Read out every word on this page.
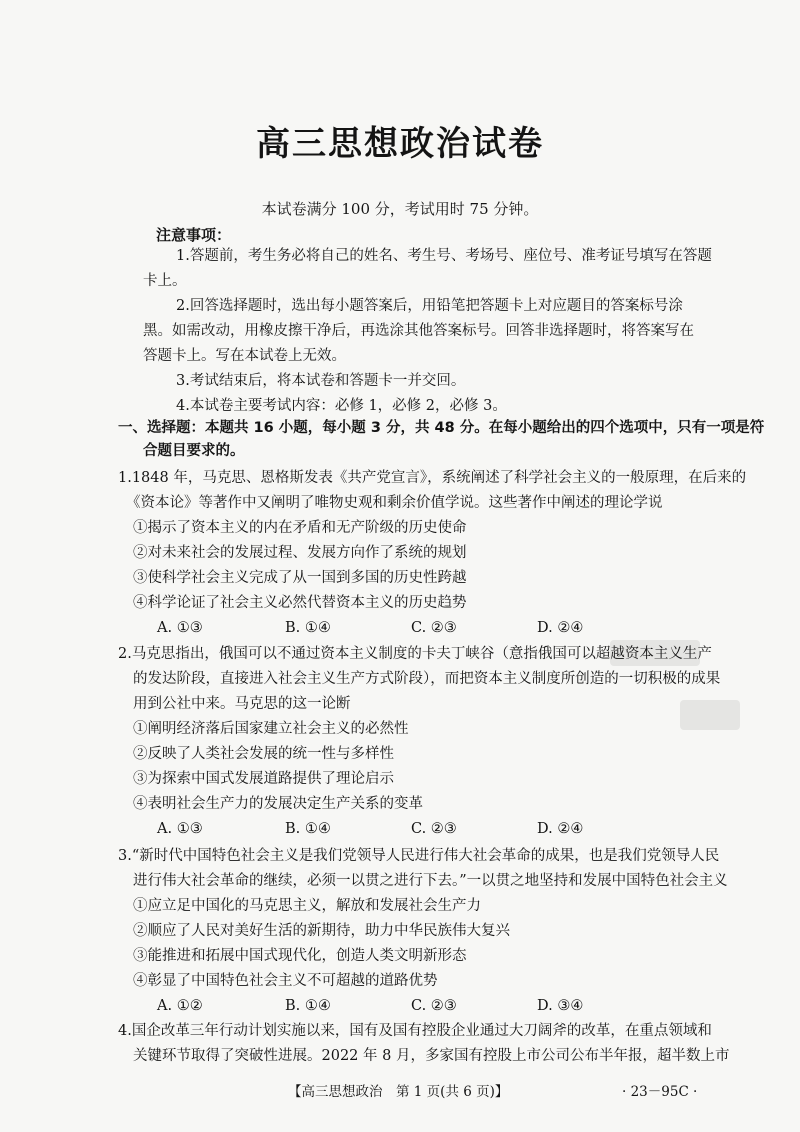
高三思想政治试卷
本试卷满分 100 分，考试用时 75 分钟。
注意事项：
1.答题前，考生务必将自己的姓名、考生号、考场号、座位号、准考证号填写在答题
卡上。
2.回答选择题时，选出每小题答案后，用铅笔把答题卡上对应题目的答案标号涂
黑。如需改动，用橡皮擦干净后，再选涂其他答案标号。回答非选择题时，将答案写在
答题卡上。写在本试卷上无效。
3.考试结束后，将本试卷和答题卡一并交回。
4.本试卷主要考试内容：必修 1，必修 2，必修 3。
一、选择题：本题共 16 小题，每小题 3 分，共 48 分。在每小题给出的四个选项中，只有一项是符
合题目要求的。
1.1848 年，马克思、恩格斯发表《共产党宣言》，系统阐述了科学社会主义的一般原理，在后来的
《资本论》等著作中又阐明了唯物史观和剩余价值学说。这些著作中阐述的理论学说
①揭示了资本主义的内在矛盾和无产阶级的历史使命
②对未来社会的发展过程、发展方向作了系统的规划
③使科学社会主义完成了从一国到多国的历史性跨越
④科学论证了社会主义必然代替资本主义的历史趋势
A. ①③	B. ①④	C. ②③	D. ②④
2.马克思指出，俄国可以不通过资本主义制度的卡夫丁峡谷（意指俄国可以超越资本主义生产
的发达阶段，直接进入社会主义生产方式阶段），而把资本主义制度所创造的一切积极的成果
用到公社中来。马克思的这一论断
①阐明经济落后国家建立社会主义的必然性
②反映了人类社会发展的统一性与多样性
③为探索中国式发展道路提供了理论启示
④表明社会生产力的发展决定生产关系的变革
A. ①③	B. ①④	C. ②③	D. ②④
3.“新时代中国特色社会主义是我们党领导人民进行伟大社会革命的成果，也是我们党领导人民
进行伟大社会革命的继续，必须一以贯之进行下去。”一以贯之地坚持和发展中国特色社会主义
①应立足中国化的马克思主义，解放和发展社会生产力
②顺应了人民对美好生活的新期待，助力中华民族伟大复兴
③能推进和拓展中国式现代化，创造人类文明新形态
④彰显了中国特色社会主义不可超越的道路优势
A. ①②	B. ①④	C. ②③	D. ③④
4.国企改革三年行动计划实施以来，国有及国有控股企业通过大刀阔斧的改革，在重点领域和
关键环节取得了突破性进展。2022 年 8 月，多家国有控股上市公司公布半年报，超半数上市
【高三思想政治　第 1 页(共 6 页)】	· 23－95C ·
